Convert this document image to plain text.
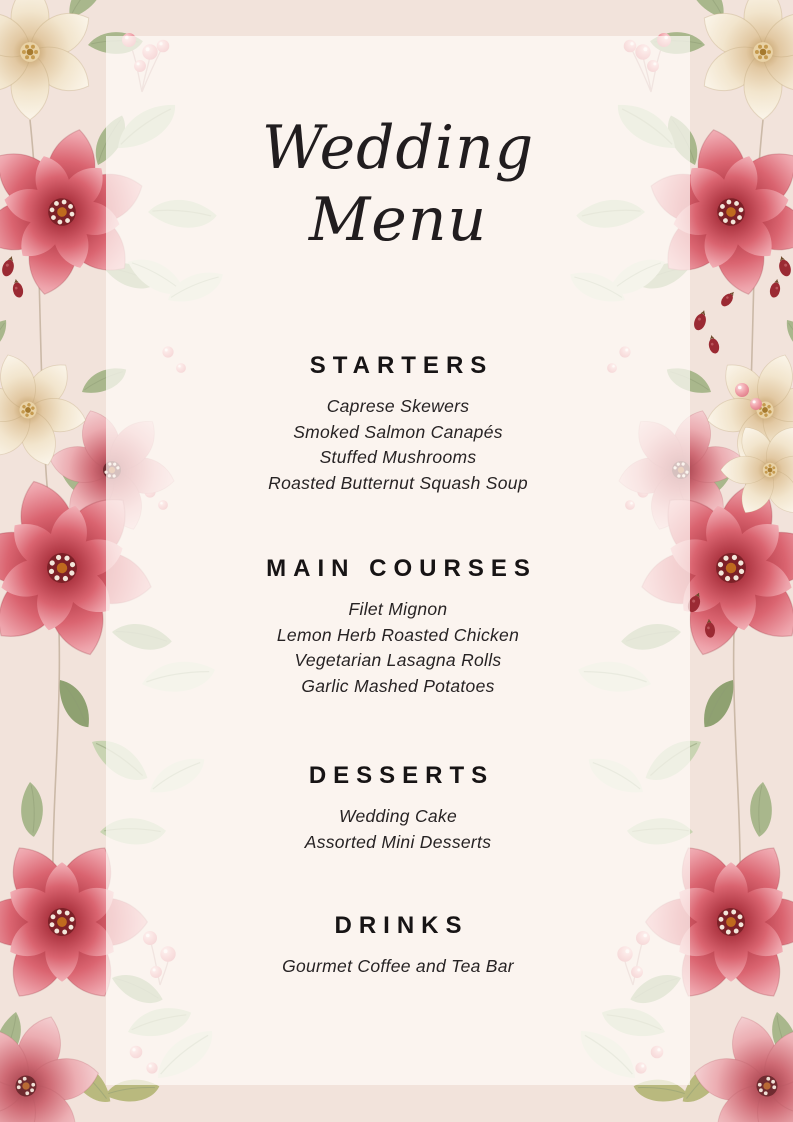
Wedding
Menu
STARTERS

Caprese Skewers

Smoked Salmon Canapés

Stuffed Mushrooms

Roasted Butternut Squash Soup

MAIN COURSES

Filet Mignon

Lemon Herb Roasted Chicken

Vegetarian Lasagna Rolls

Garlic Mashed Potatoes

DESSERTS

Wedding Cake

Assorted Mini Desserts

DRINKS

Gourmet Coffee and Tea Bar
